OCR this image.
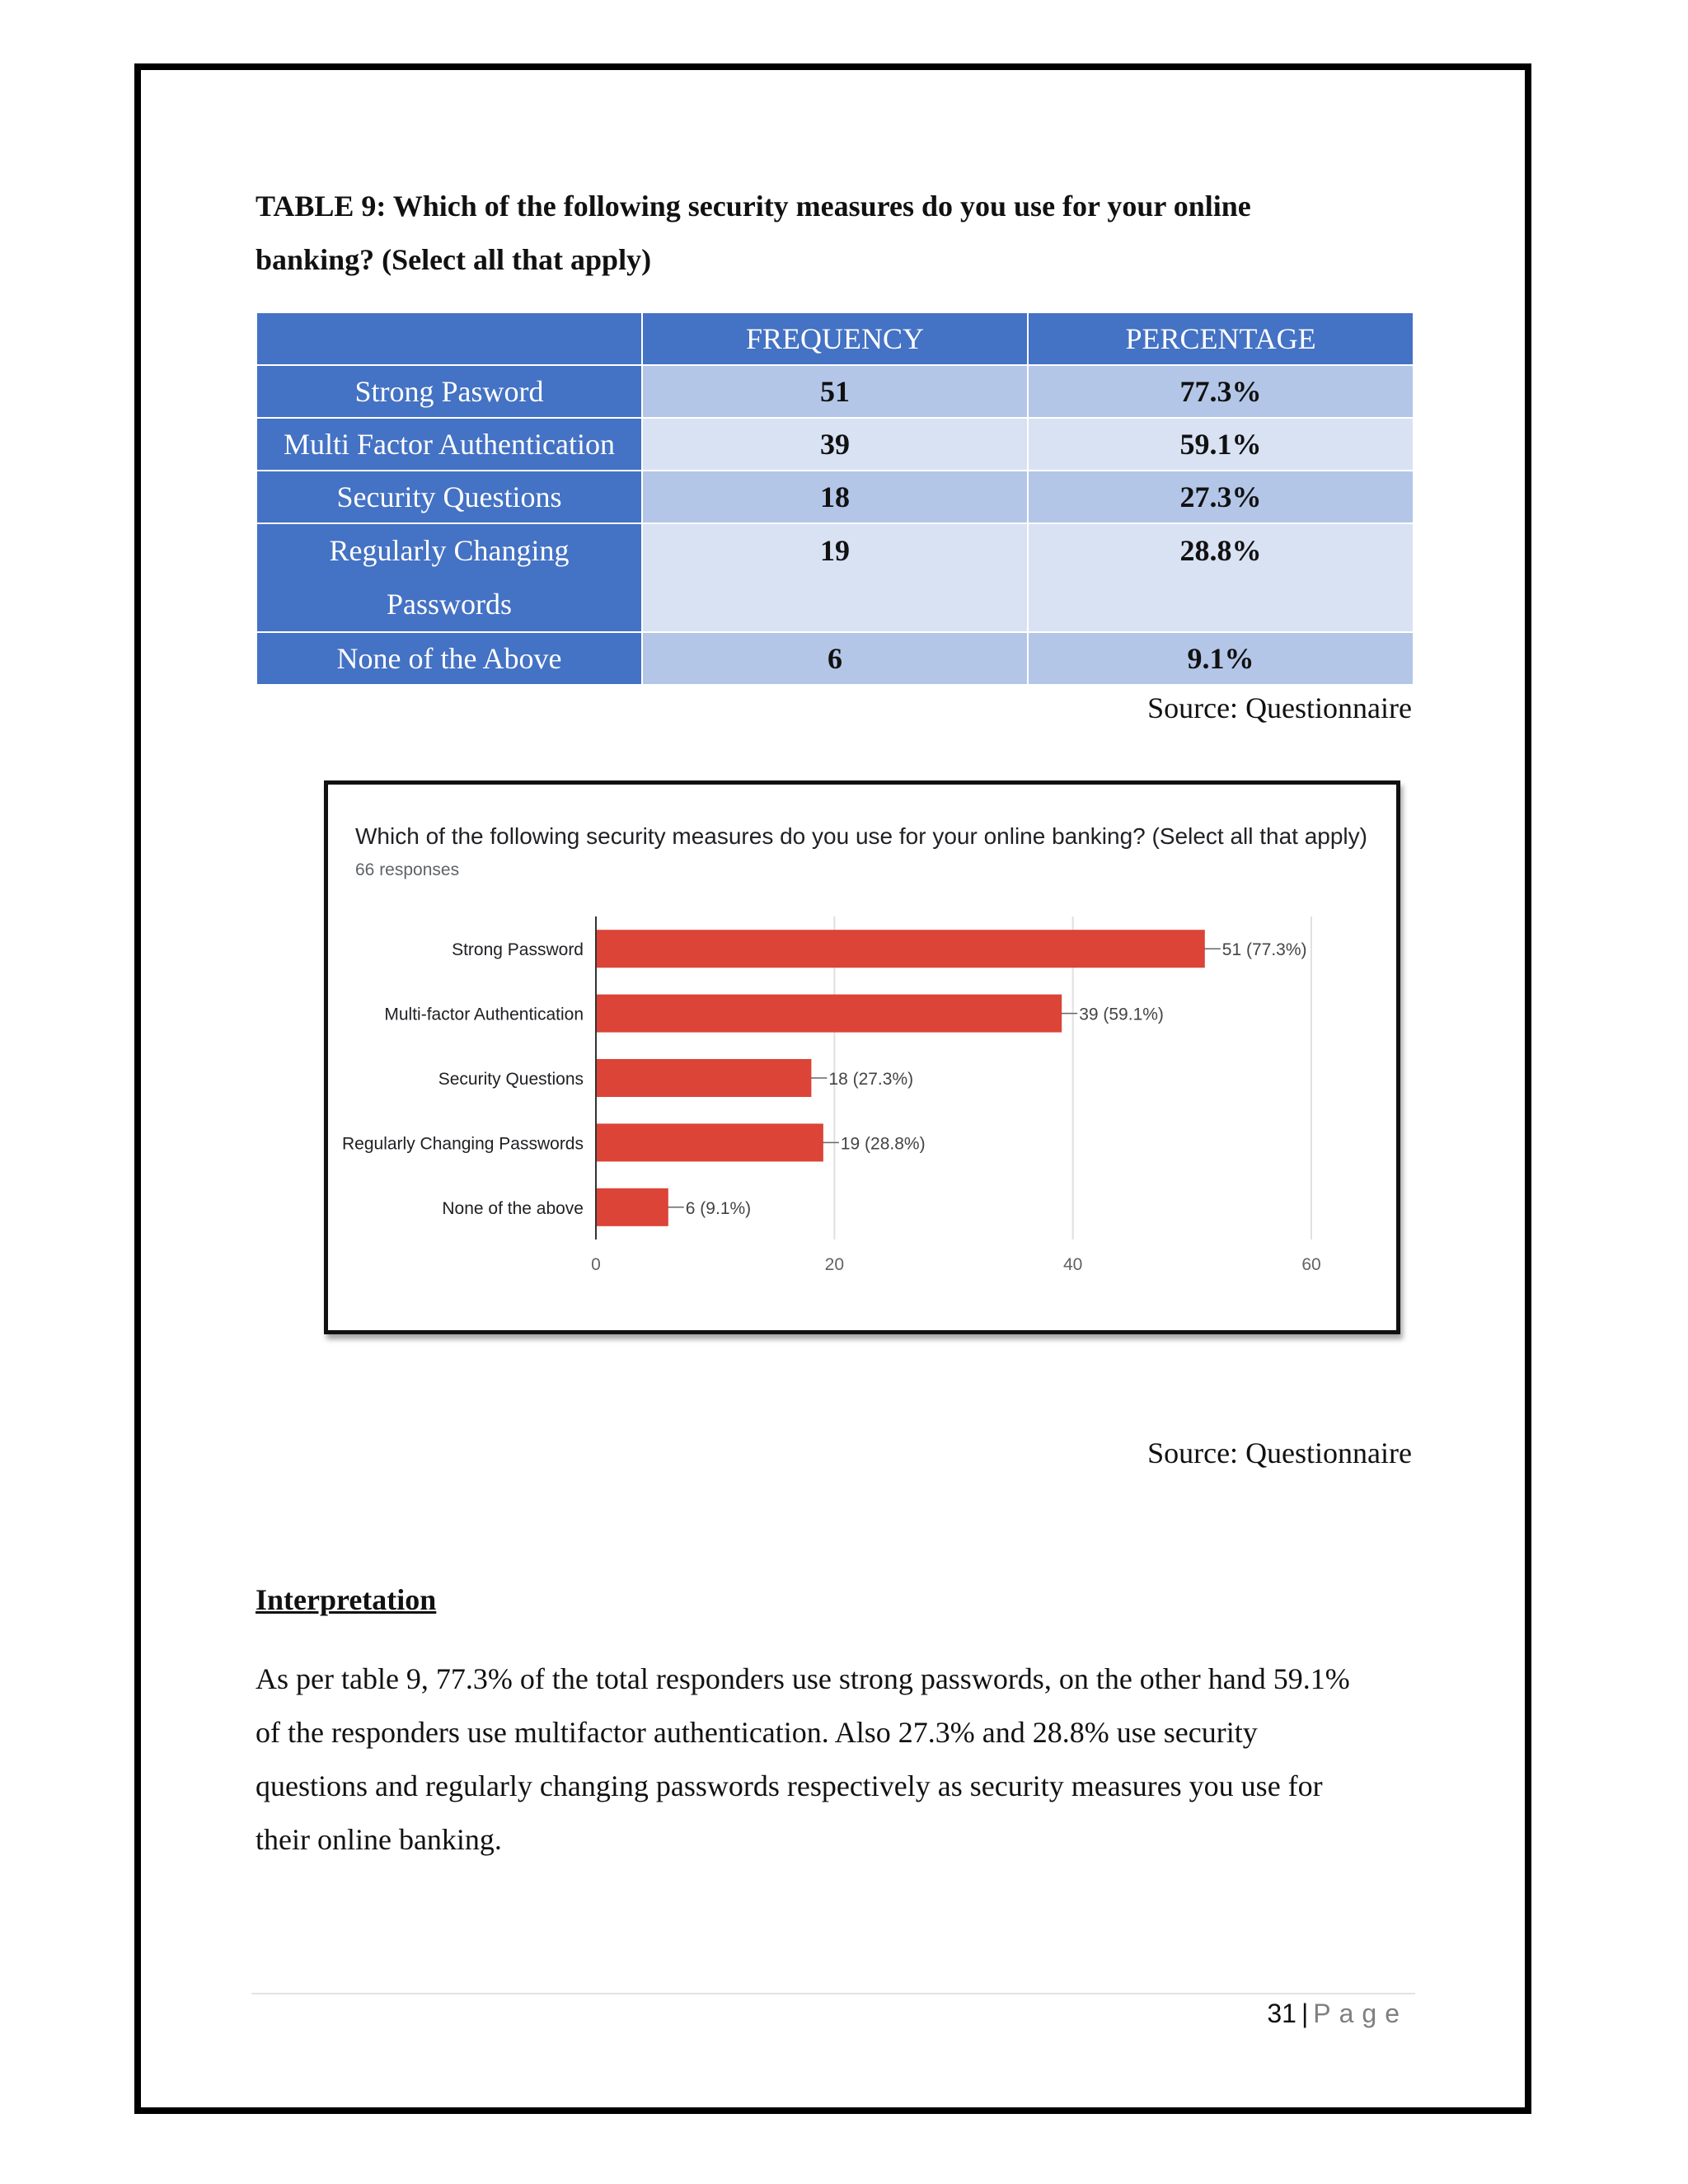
TABLE 9: Which of the following security measures do you use for your online
banking? (Select all that apply)
	FREQUENCY	PERCENTAGE
Strong Pasword	51	77.3%
Multi Factor Authentication	39	59.1%
Security Questions	18	27.3%

Regularly Changing
Passwords	19	28.8%
None of the Above	6	9.1%
Source: Questionnaire
Which of the following security measures do you use for your online banking? (Select all that apply)
66 responses
0	20	40	60
Strong Password	51 (77.3%)
Multi-factor Authentication	39 (59.1%)
Security Questions	18 (27.3%)
Regularly Changing Passwords	19 (28.8%)
None of the above	6 (9.1%)
Source: Questionnaire
Interpretation
As per table 9, 77.3% of the total responders use strong passwords, on the other hand 59.1%
of the responders use multifactor authentication. Also 27.3% and 28.8% use security
questions and regularly changing passwords respectively as security measures you use for
their online banking.
31 | Page
